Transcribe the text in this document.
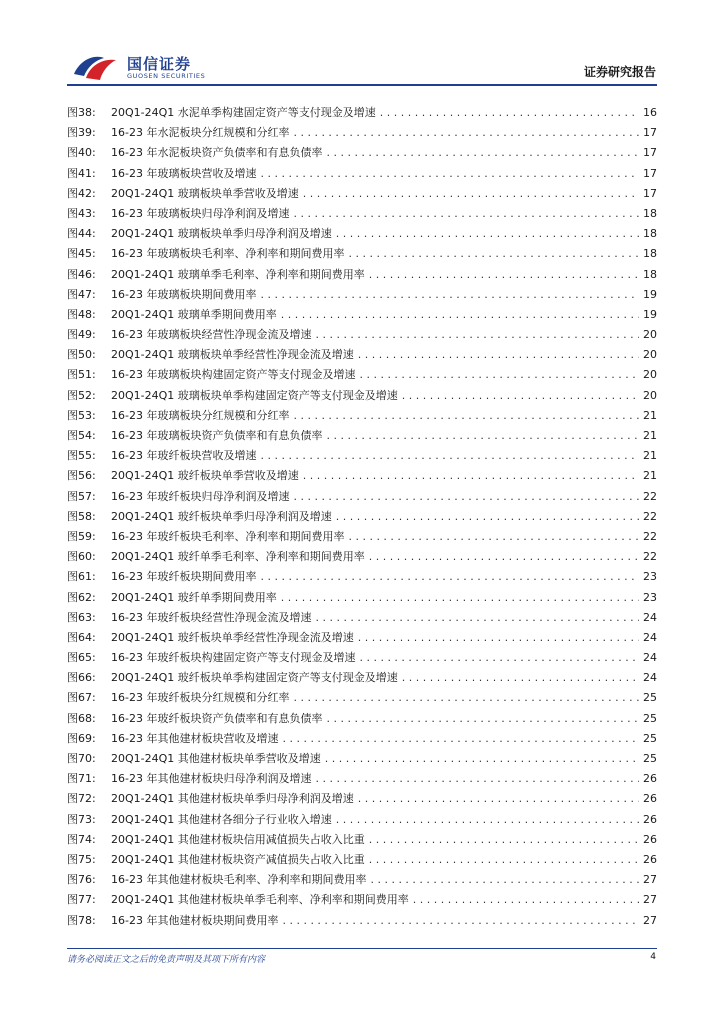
国信证券
GUOSEN SECURITIES	证券研究报告
图38:	20Q1-24Q1 水泥单季构建固定资产等支付现金及增速 . . .	16
图39:	16-23 年水泥板块分红规模和分红率 . . .	17
图40:	16-23 年水泥板块资产负债率和有息负债率 . . .	17
图41:	16-23 年玻璃板块营收及增速 . . .	17
图42:	20Q1-24Q1 玻璃板块单季营收及增速 . . .	17
图43:	16-23 年玻璃板块归母净利润及增速 . . .	18
图44:	20Q1-24Q1 玻璃板块单季归母净利润及增速 . . .	18
图45:	16-23 年玻璃板块毛利率、净利率和期间费用率 . . .	18
图46:	20Q1-24Q1 玻璃单季毛利率、净利率和期间费用率 . . .	18
图47:	16-23 年玻璃板块期间费用率 . . .	19
图48:	20Q1-24Q1 玻璃单季期间费用率 . . .	19
图49:	16-23 年玻璃板块经营性净现金流及增速 . . .	20
图50:	20Q1-24Q1 玻璃板块单季经营性净现金流及增速 . . .	20
图51:	16-23 年玻璃板块构建固定资产等支付现金及增速 . . .	20
图52:	20Q1-24Q1 玻璃板块单季构建固定资产等支付现金及增速 . . .	20
图53:	16-23 年玻璃板块分红规模和分红率 . . .	21
图54:	16-23 年玻璃板块资产负债率和有息负债率 . . .	21
图55:	16-23 年玻纤板块营收及增速 . . .	21
图56:	20Q1-24Q1 玻纤板块单季营收及增速 . . .	21
图57:	16-23 年玻纤板块归母净利润及增速 . . .	22
图58:	20Q1-24Q1 玻纤板块单季归母净利润及增速 . . .	22
图59:	16-23 年玻纤板块毛利率、净利率和期间费用率 . . .	22
图60:	20Q1-24Q1 玻纤单季毛利率、净利率和期间费用率 . . .	22
图61:	16-23 年玻纤板块期间费用率 . . .	23
图62:	20Q1-24Q1 玻纤单季期间费用率 . . .	23
图63:	16-23 年玻纤板块经营性净现金流及增速 . . .	24
图64:	20Q1-24Q1 玻纤板块单季经营性净现金流及增速 . . .	24
图65:	16-23 年玻纤板块构建固定资产等支付现金及增速 . . .	24
图66:	20Q1-24Q1 玻纤板块单季构建固定资产等支付现金及增速 . . .	24
图67:	16-23 年玻纤板块分红规模和分红率 . . .	25
图68:	16-23 年玻纤板块资产负债率和有息负债率 . . .	25
图69:	16-23 年其他建材板块营收及增速 . . .	25
图70:	20Q1-24Q1 其他建材板块单季营收及增速 . . .	25
图71:	16-23 年其他建材板块归母净利润及增速 . . .	26
图72:	20Q1-24Q1 其他建材板块单季归母净利润及增速 . . .	26
图73:	20Q1-24Q1 其他建材各细分子行业收入增速 . . .	26
图74:	20Q1-24Q1 其他建材板块信用减值损失占收入比重 . . .	26
图75:	20Q1-24Q1 其他建材板块资产减值损失占收入比重 . . .	26
图76:	16-23 年其他建材板块毛利率、净利率和期间费用率 . . .	27
图77:	20Q1-24Q1 其他建材板块单季毛利率、净利率和期间费用率 . . .	27
图78:	16-23 年其他建材板块期间费用率 . . .	27
请务必阅读正文之后的免责声明及其项下所有内容	4
